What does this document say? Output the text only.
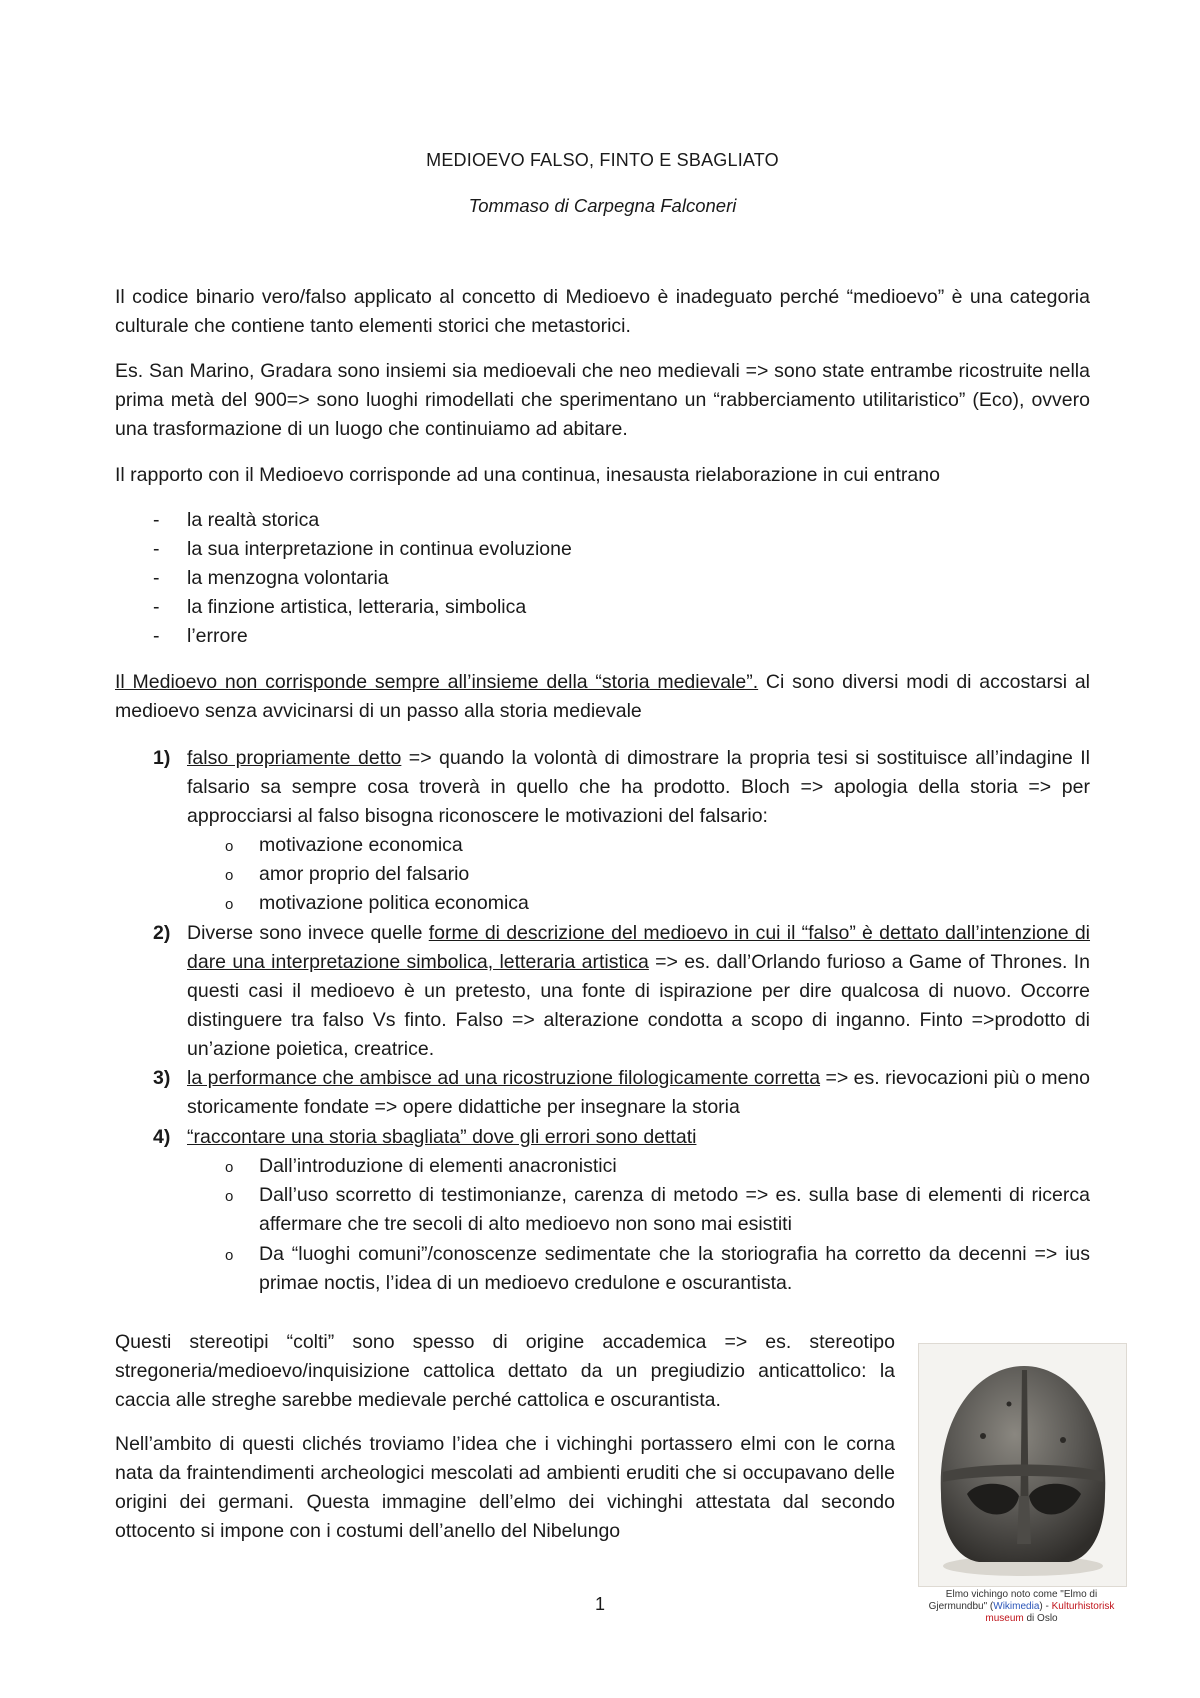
MEDIOEVO FALSO, FINTO E SBAGLIATO
Tommaso di Carpegna Falconeri

Il codice binario vero/falso applicato al concetto di Medioevo è inadeguato perché “medioevo” è una categoria culturale che contiene tanto elementi storici che metastorici.

Es. San Marino, Gradara sono insiemi sia medioevali che neo medievali => sono state entrambe ricostruite nella prima metà del 900=> sono luoghi rimodellati che sperimentano un “rabberciamento utilitaristico” (Eco), ovvero una trasformazione di un luogo che continuiamo ad abitare.

Il rapporto con il Medioevo corrisponde ad una continua, inesausta rielaborazione in cui entrano

- la realtà storica
- la sua interpretazione in continua evoluzione
- la menzogna volontaria
- la finzione artistica, letteraria, simbolica
- l’errore

Il Medioevo non corrisponde sempre all’insieme della “storia medievale”. Ci sono diversi modi di accostarsi al medioevo senza avvicinarsi di un passo alla storia medievale

1) falso propriamente detto => quando la volontà di dimostrare la propria tesi si sostituisce all’indagine Il falsario sa sempre cosa troverà in quello che ha prodotto. Bloch => apologia della storia => per approcciarsi al falso bisogna riconoscere le motivazioni del falsario:
o motivazione economica
o amor proprio del falsario
o motivazione politica economica
2) Diverse sono invece quelle forme di descrizione del medioevo in cui il “falso” è dettato dall’intenzione di dare una interpretazione simbolica, letteraria artistica => es. dall’Orlando furioso a Game of Thrones. In questi casi il medioevo è un pretesto, una fonte di ispirazione per dire qualcosa di nuovo. Occorre distinguere tra falso Vs finto. Falso => alterazione condotta a scopo di inganno. Finto =>prodotto di un’azione poietica, creatrice.
3) la performance che ambisce ad una ricostruzione filologicamente corretta => es. rievocazioni più o meno storicamente fondate => opere didattiche per insegnare la storia
4) “raccontare una storia sbagliata” dove gli errori sono dettati
o Dall’introduzione di elementi anacronistici
o Dall’uso scorretto di testimonianze, carenza di metodo => es. sulla base di elementi di ricerca affermare che tre secoli di alto medioevo non sono mai esistiti
o Da “luoghi comuni”/conoscenze sedimentate che la storiografia ha corretto da decenni => ius primae noctis, l’idea di un medioevo credulone e oscurantista.

Questi stereotipi “colti” sono spesso di origine accademica => es. stereotipo stregoneria/medioevo/inquisizione cattolica dettato da un pregiudizio anticattolico: la caccia alle streghe sarebbe medievale perché cattolica e oscurantista.

Nell’ambito di questi clichés troviamo l’idea che i vichinghi portassero elmi con le corna nata da fraintendimenti archeologici mescolati ad ambienti eruditi che si occupavano delle origini dei germani. Questa immagine dell’elmo dei vichinghi attestata dal secondo ottocento si impone con i costumi dell’anello del Nibelungo

Elmo vichingo noto come "Elmo di Gjermundbu" (Wikimedia) - Kulturhistorisk museum di Oslo
1
